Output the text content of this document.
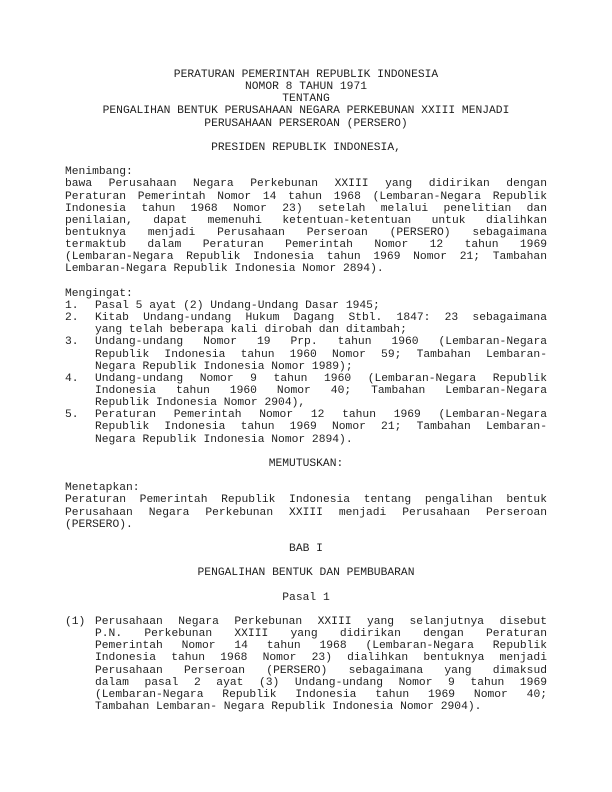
PERATURAN PEMERINTAH REPUBLIK INDONESIA
NOMOR 8 TAHUN 1971
TENTANG
PENGALIHAN BENTUK PERUSAHAAN NEGARA PERKEBUNAN XXIII MENJADI
PERUSAHAAN PERSEROAN (PERSERO)
PRESIDEN REPUBLIK INDONESIA,
Menimbang:
bawa Perusahaan Negara Perkebunan XXIII yang didirikan dengan
Peraturan Pemerintah Nomor 14 tahun 1968 (Lembaran-Negara Republik
Indonesia tahun 1968 Nomor 23) setelah melalui penelitian dan
penilaian, dapat memenuhi ketentuan-ketentuan untuk dialihkan
bentuknya menjadi Perusahaan Perseroan (PERSERO) sebagaimana
termaktub dalam Peraturan Pemerintah Nomor 12 tahun 1969
(Lembaran-Negara Republik Indonesia tahun 1969 Nomor 21; Tambahan
Lembaran-Negara Republik Indonesia Nomor 2894).
Mengingat:
1. Pasal 5 ayat (2) Undang-Undang Dasar 1945;
2. Kitab Undang-undang Hukum Dagang Stbl. 1847: 23 sebagaimana
yang telah beberapa kali dirobah dan ditambah;
3. Undang-undang Nomor 19 Prp. tahun 1960 (Lembaran-Negara
Republik Indonesia tahun 1960 Nomor 59; Tambahan Lembaran-
Negara Republik Indonesia Nomor 1989);
4. Undang-undang Nomor 9 tahun 1960 (Lembaran-Negara Republik
Indonesia tahun 1960 Nomor 40; Tambahan Lembaran-Negara
Republik Indonesia Nomor 2904),
5. Peraturan Pemerintah Nomor 12 tahun 1969 (Lembaran-Negara
Republik Indonesia tahun 1969 Nomor 21; Tambahan Lembaran-
Negara Republik Indonesia Nomor 2894).
MEMUTUSKAN:
Menetapkan:
Peraturan Pemerintah Republik Indonesia tentang pengalihan bentuk
Perusahaan Negara Perkebunan XXIII menjadi Perusahaan Perseroan
(PERSERO).
BAB I
PENGALIHAN BENTUK DAN PEMBUBARAN
Pasal 1
(1) Perusahaan Negara Perkebunan XXIII yang selanjutnya disebut
P.N. Perkebunan XXIII yang didirikan dengan Peraturan
Pemerintah Nomor 14 tahun 1968 (Lembaran-Negara Republik
Indonesia tahun 1968 Nomor 23) dialihkan bentuknya menjadi
Perusahaan Perseroan (PERSERO) sebagaimana yang dimaksud
dalam pasal 2 ayat (3) Undang-undang Nomor 9 tahun 1969
(Lembaran-Negara Republik Indonesia tahun 1969 Nomor 40;
Tambahan Lembaran- Negara Republik Indonesia Nomor 2904).
